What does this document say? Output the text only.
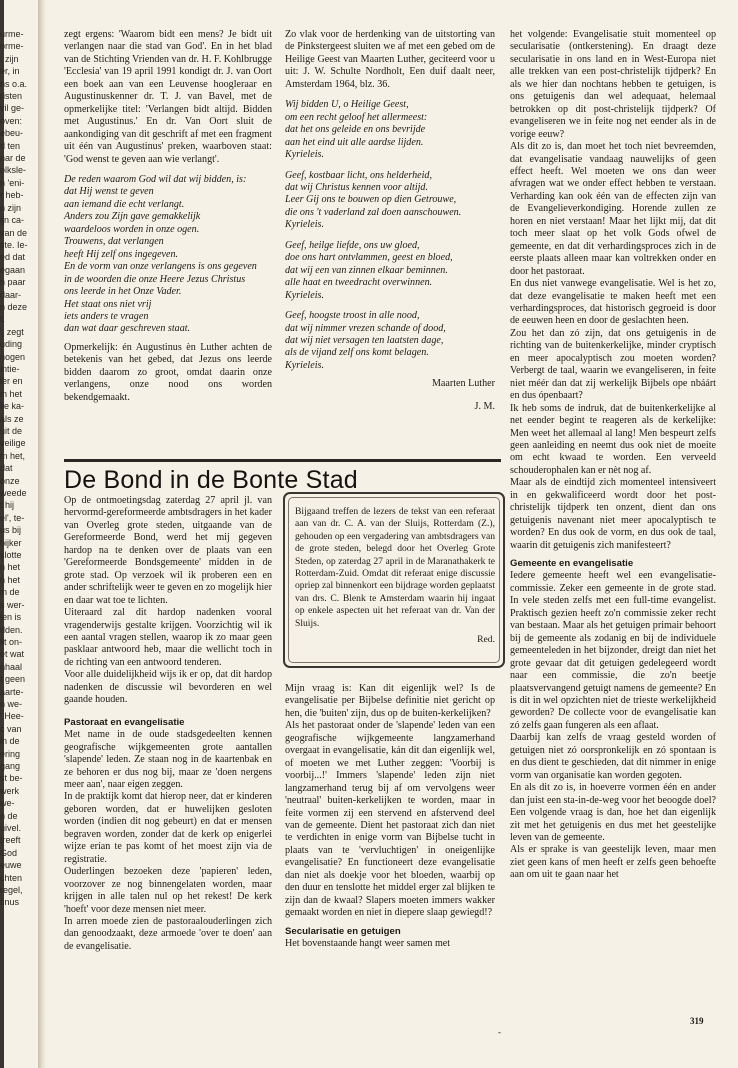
urme-
orme-
. zijn
er, in
ns o.a.
risten
vil ge-
oven:
ebeu-
d ten
nar de
olksle-
n 'eni-
r heb-
n zijn
ijn ca-
van de
ste. Ie-
ed dat
egaan
n paar
daar-
n deze
t.
', zegt
uding
nogen
intie-
ler en
in het
lie ka-
als ze
uit de
veilige
m het,
dat
onze
weede
t hij
el', te-
us bij
bijker
slotte
n het
n het
in de
s wer-
len is
dden.
lit on-
et wat
nhaal
t geen
aarte-
n we-
' Hee-
c van
in de
ering
gang
st be-
werk
we-
n de
uivel.
treeft
God
euwe
chten
regel,
tinus

zegt ergens: 'Waarom bidt een mens? Je bidt uit verlangen naar die stad van God'. En in het blad van de Stichting Vrienden van dr. H. F. Kohlbrugge 'Ecclesia' van 19 april 1991 kondigt dr. J. van Oort een boek aan van een Leuvense hoogleraar en Augustinuskenner dr. T. J. van Bavel, met de opmerkelijke titel: 'Verlangen bidt altijd. Bidden met Augustinus.' En dr. Van Oort sluit de aankondiging van dit geschrift af met een fragment uit één van Augustinus' preken, waarboven staat: 'God wenst te geven aan wie verlangt'.

De reden waarom God wil dat wij bidden, is:
dat Hij wenst te geven
aan iemand die echt verlangt.
Anders zou Zijn gave gemakkelijk
waardeloos worden in onze ogen.
Trouwens, dat verlangen
heeft Hij zelf ons ingegeven.
En de vorm van onze verlangens is ons gegeven
in de woorden die onze Heere Jezus Christus
ons leerde in het Onze Vader.
Het staat ons niet vrij
iets anders te vragen
dan wat daar geschreven staat.

Opmerkelijk: én Augustinus èn Luther achten de betekenis van het gebed, dat Jezus ons leerde bidden daarom zo groot, omdat daarin onze verlangens, onze nood ons worden bekendgemaakt.

Zo vlak voor de herdenking van de uitstorting van de Pinkstergeest sluiten we af met een gebed om de Heilige Geest van Maarten Luther, geciteerd voor u uit: J. W. Schulte Nordholt, Een duif daalt neer, Amsterdam 1964, blz. 36.

Wij bidden U, o Heilige Geest,
om een recht geloof het allermeest:
dat het ons geleide en ons bevrijde
aan het eind uit alle aardse lijden.
Kyrieleis.
Geef, kostbaar licht, ons helderheid,
dat wij Christus kennen voor altijd.
Leer Gij ons te bouwen op dien Getrouwe,
die ons 't vaderland zal doen aanschouwen.
Kyrieleis.
Geef, heilge liefde, ons uw gloed,
doe ons hart ontvlammen, geest en bloed,
dat wij een van zinnen elkaar beminnen.
alle haat en tweedracht overwinnen.
Kyrieleis.
Geef, hoogste troost in alle nood,
dat wij nimmer vrezen schande of dood,
dat wij niet versagen ten laatsten dage,
als de vijand zelf ons komt belagen.
Kyrieleis.

Maarten Luther

J. M.

het volgende: Evangelisatie stuit momenteel op secularisatie (ontkerstening). En draagt deze secularisatie in ons land en in West-Europa niet alle trekken van een post-christelijk tijdperk? En als we hier dan nochtans hebben te getuigen, is ons getuigenis dan wel adequaat, helemaal betrokken op dit post-christelijk tijdperk? Of evangeliseren we in feite nog net eender als in de vorige eeuw?

Als dit zo is, dan moet het toch niet bevreemden, dat evangelisatie vandaag nauwelijks of geen effect heeft. Wel moeten we ons dan weer afvragen wat we onder effect hebben te verstaan. Verharding kan ook één van de effecten zijn van de Evangelieverkondiging. Horende zullen ze horen en niet verstaan! Maar het lijkt mij, dat dit toch meer slaat op het volk Gods ofwel de gemeente, en dat dit verhardingsproces zich in de eerste plaats alleen maar kan voltrekken onder en door het pastoraat.

En dus niet vanwege evangelisatie. Wel is het zo, dat deze evangelisatie te maken heeft met een verhardingsproces, dat historisch gegroeid is door de eeuwen heen en door de geslachten heen.

Zou het dan zó zijn, dat ons getuigenis in de richting van de buitenkerkelijke, minder cryptisch en meer apocalyptisch zou moeten worden? Verbergt de taal, waarin we evangeliseren, in feite niet méér dan dat zij werkelijk Bijbels ope nbáárt en dus ópenbaart?

Ik heb soms de indruk, dat de buitenkerkelijke al net eender begint te reageren als de kerkelijke: Men weet het allemaal al lang! Men bespeurt zelfs geen aanleiding en neemt dus ook niet de moeite om echt kwaad te worden. Een verveeld schouderophalen kan er nèt nog af.

Maar als de eindtijd zich momenteel intensiveert in en gekwalificeerd wordt door het post-christelijk tijdperk ten onzent, dient dan ons getuigenis navenant niet meer apocalyptisch te worden? En dus ook de vorm, en dus ook de taal, waarin dit getuigenis zich manifesteert?

Gemeente en evangelisatie

Iedere gemeente heeft wel een evangelisatie-commissie. Zeker een gemeente in de grote stad. In vele steden zelfs met een full-time evangelist. Praktisch gezien heeft zo'n commissie zeker recht van bestaan. Maar als het getuigen primair behoort bij de gemeente als zodanig en bij de individuele gemeenteleden in het bijzonder, dreigt dan niet het grote gevaar dat dit getuigen gedelegeerd wordt naar een commissie, die zo'n beetje plaatsvervangend getuigt namens de gemeente? En is dit in wel opzichten niet de trieste werkelijkheid geworden? De collecte voor de evangelisatie kan zó zelfs gaan fungeren als een aflaat.

Daarbij kan zelfs de vraag gesteld worden of getuigen niet zó oorspronkelijk en zó spontaan is en dus dient te geschieden, dat dit nimmer in enige vorm van organisatie kan worden gegoten.

En als dit zo is, in hoeverre vormen één en ander dan juist een sta-in-de-weg voor het beoogde doel?

Een volgende vraag is dan, hoe het dan eigenlijk zit met het getuigenis en dus met het geestelijke leven van de gemeente.

Als er sprake is van geestelijk leven, maar men ziet geen kans of men heeft er zelfs geen behoefte aan om uit te gaan naar het

De Bond in de Bonte Stad

Op de ontmoetingsdag zaterdag 27 april jl. van hervormd-gereformeerde ambtsdragers in het kader van Overleg grote steden, uitgaande van de Gereformeerde Bond, werd het mij gegeven hardop na te denken over de plaats van een 'Gereformeerde Bondsgemeente' midden in de grote stad. Op verzoek wil ik proberen een en ander schriftelijk weer te geven en zo mogelijk hier en daar wat toe te lichten.

Uiteraard zal dit hardop nadenken vooral vragenderwijs gestalte krijgen. Voorzichtig wil ik een aantal vragen stellen, waarop ik zo maar geen pasklaar antwoord heb, maar die wellicht toch in de richting van een antwoord tenderen.

Voor alle duidelijkheid wijs ik er op, dat dit hardop nadenken de discussie wil bevorderen en wel gaande houden.

Pastoraat en evangelisatie

Met name in de oude stadsgedeelten kennen geografische wijkgemeenten grote aantallen 'slapende' leden. Ze staan nog in de kaartenbak en ze behoren er dus nog bij, maar ze 'doen nergens meer aan', naar eigen zeggen.

In de praktijk komt dat hierop neer, dat er kinderen geboren worden, dat er huwelijken gesloten worden (indien dit nog gebeurt) en dat er mensen begraven worden, zonder dat de kerk op enigerlei wijze erían te pas komt of het moest zijn via de registratie.

Ouderlingen bezoeken deze 'papieren' leden, voorzover ze nog binnengelaten worden, maar krijgen in alle talen nul op het rekest! De kerk 'hoeft' voor deze mensen niet meer.

In arren moede zien de pastoraalouderlingen zich dan genoodzaakt, deze armoede 'over te doen' aan de evangelisatie.

Bijgaand treffen de lezers de tekst van een referaat aan van dr. C. A. van der Sluijs, Rotterdam (Z.), gehouden op een vergadering van ambtsdragers van de grote steden, belegd door het Overleg Grote Steden, op zaterdag 27 april in de Maranathakerk te Rotterdam-Zuid. Omdat dit referaat enige discussie opriep zal binnenkort een bijdrage worden geplaatst van drs. C. Blenk te Amsterdam waarin hij ingaat op enkele aspecten uit het referaat van dr. Van der Sluijs.

Red.

Mijn vraag is: Kan dit eigenlijk wel? Is de evangelisatie per Bijbelse definitie niet gericht op hen, die 'buiten' zijn, dus op de buiten-kerkelijken?

Als het pastoraat onder de 'slapende' leden van een geografische wijkgemeente langzamerhand overgaat in evangelisatie, kán dit dan eigenlijk wel, of moeten we met Luther zeggen: 'Voorbij is voorbij...!' Immers 'slapende' leden zijn niet langzamerhand terug bij af om vervolgens weer 'neutraal' buiten-kerkelijken te worden, maar in feite vormen zij een stervend en afstervend deel van de gemeente. Dient het pastoraat zich dan niet te verdichten in enige vorm van Bijbelse tucht in plaats van te 'vervluchtigen' in oneigenlijke evangelisatie? En functioneert deze evangelisatie dan niet als doekje voor het bloeden, waarbij op den duur en tenslotte het middel erger zal blijken te zijn dan de kwaal? Slapers moeten immers wakker gemaakt worden en niet in diepere slaap gewiegd!?

Secularisatie en getuigen

Het bovenstaande hangt weer samen met

319
-
